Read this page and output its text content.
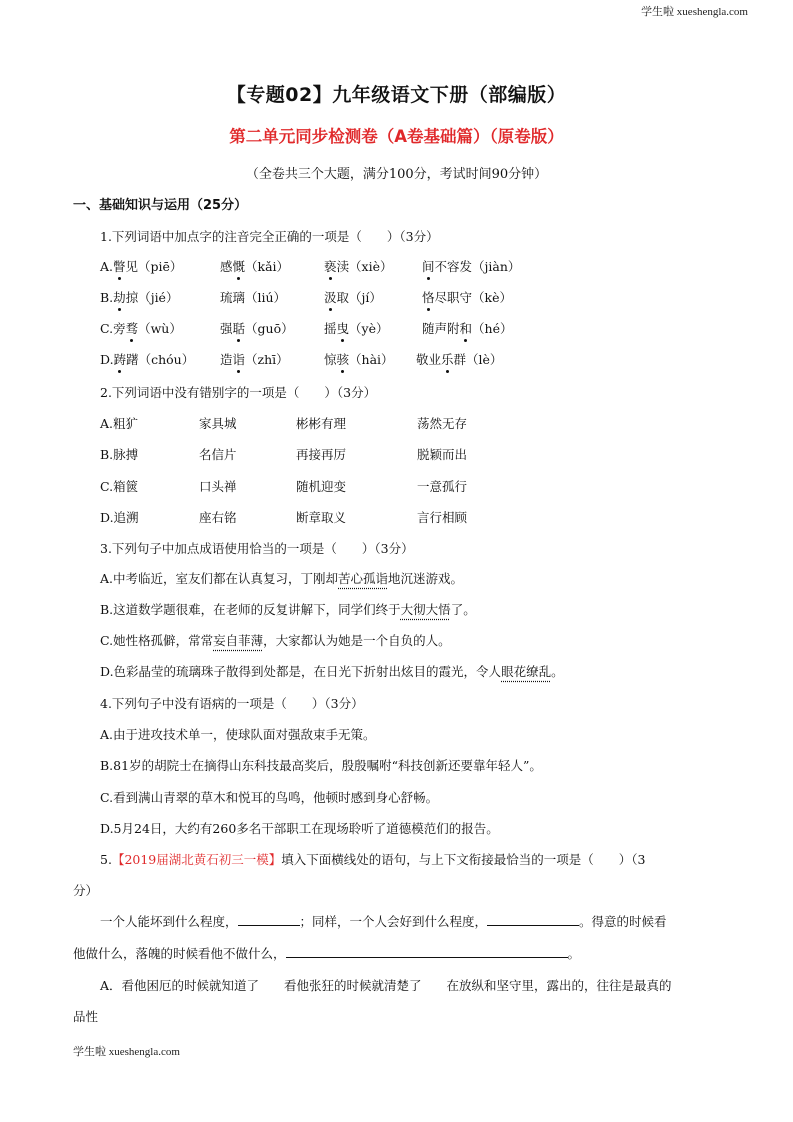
学生啦 xueshengla.com
【专题02】九年级语文下册（部编版）
第二单元同步检测卷（A卷基础篇）（原卷版）
（全卷共三个大题，满分100分，考试时间90分钟）
一、基础知识与运用（25分）
1.下列词语中加点字的注音完全正确的一项是（　　）（3分）
A.瞥见（piē）	感慨（kǎi）	亵渎（xiè） 间不容发（jiàn）
B.劫掠（jié）	琉璃（liú）	汲取（jí）	恪尽职守（kè）
C.旁骛（wù）	强聒（guō） 摇曳（yè）	随声附和（hé）
D.踌躇（chóu） 造诣（zhī）	惊骇（hài） 敬业乐群（lè）
2.下列词语中没有错别字的一项是（　　）（3分）
A.粗犷	家具城	彬彬有理	荡然无存
B.脉搏	名信片	再接再厉	脱颖而出
C.箱篋	口头禅	随机迎变	一意孤行
D.追溯	座右铭	断章取义	言行相顾
3.下列句子中加点成语使用恰当的一项是（　　）（3分）
A.中考临近，室友们都在认真复习，丁刚却苦心孤诣地沉迷游戏。
B.这道数学题很难，在老师的反复讲解下，同学们终于大彻大悟了。
C.她性格孤僻，常常妄自菲薄，大家都认为她是一个自负的人。
D.色彩晶莹的琉璃珠子散得到处都是，在日光下折射出炫目的霞光，令人眼花缭乱。
4.下列句子中没有语病的一项是（　　）（3分）
A.由于进攻技术单一，使球队面对强敌束手无策。
B.81岁的胡院士在摘得山东科技最高奖后，殷殷嘱咐“科技创新还要靠年轻人”。
C.看到满山青翠的草木和悦耳的鸟鸣，他顿时感到身心舒畅。
D.5月24日，大约有260多名干部职工在现场聆听了道德模范们的报告。
5.【2019届湖北黄石初三一模】填入下面横线处的语句，与上下文衔接最恰当的一项是（　　）（3
分）
一个人能坏到什么程度，	；同样，一个人会好到什么程度，	。得意的时候看
他做什么，落魄的时候看他不做什么，	。
A．看他困厄的时候就知道了　　看他张狂的时候就清楚了　　在放纵和坚守里，露出的，往往是最真的
品性
学生啦 xueshengla.com
